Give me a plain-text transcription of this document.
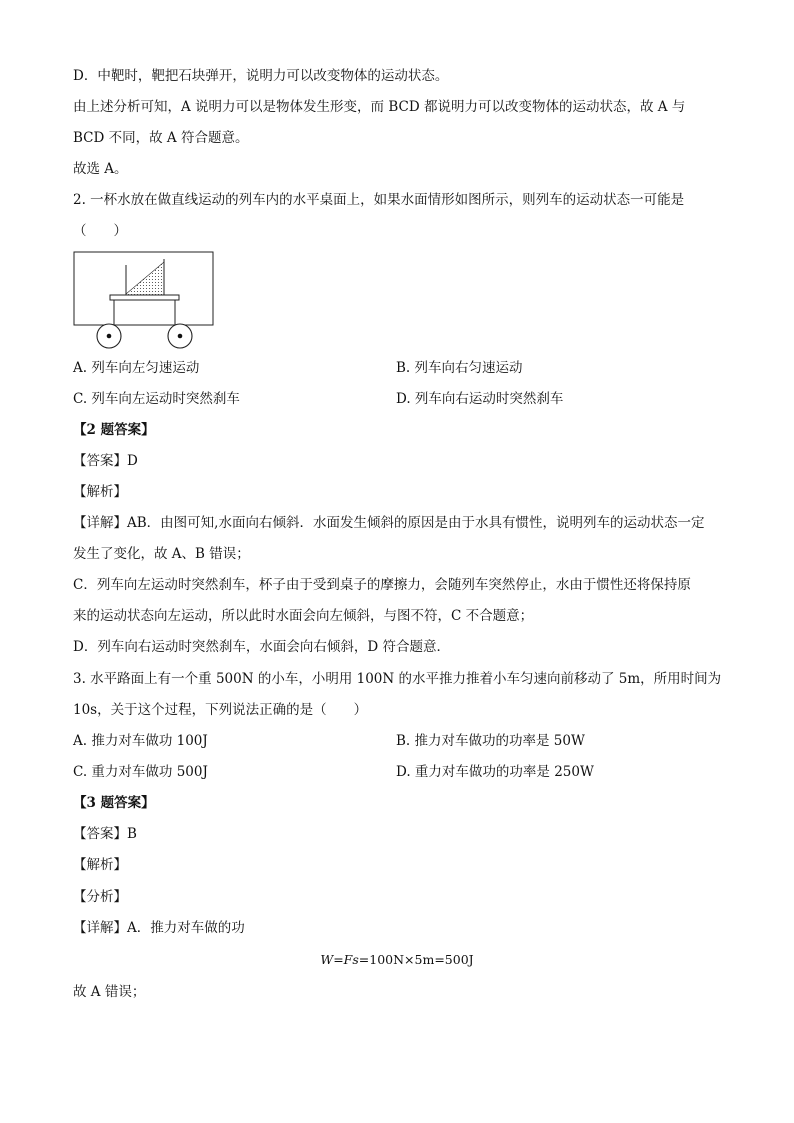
D．中靶时，靶把石块弹开，说明力可以改变物体的运动状态。
由上述分析可知，A 说明力可以是物体发生形变，而 BCD 都说明力可以改变物体的运动状态，故 A 与
BCD 不同，故 A 符合题意。
故选 A。
2. 一杯水放在做直线运动的列车内的水平桌面上，如果水面情形如图所示，则列车的运动状态一可能是
（　　）
A. 列车向左匀速运动	B. 列车向右匀速运动
C. 列车向左运动时突然刹车	D. 列车向右运动时突然刹车
【2 题答案】
【答案】D
【解析】
【详解】AB．由图可知,水面向右倾斜．水面发生倾斜的原因是由于水具有惯性，说明列车的运动状态一定
发生了变化，故 A、B 错误；
C．列车向左运动时突然刹车，杯子由于受到桌子的摩擦力，会随列车突然停止，水由于惯性还将保持原
来的运动状态向左运动，所以此时水面会向左倾斜，与图不符，C 不合题意；
D．列车向右运动时突然刹车，水面会向右倾斜，D 符合题意．
3. 水平路面上有一个重 500N 的小车，小明用 100N 的水平推力推着小车匀速向前移动了 5m，所用时间为
10s，关于这个过程，下列说法正确的是（　　）
A. 推力对车做功 100J	B. 推力对车做功的功率是 50W
C. 重力对车做功 500J	D. 重力对车做功的功率是 250W
【3 题答案】
【答案】B
【解析】
【分析】
【详解】A．推力对车做的功
W=Fs=100N×5m=500J
故 A 错误；
